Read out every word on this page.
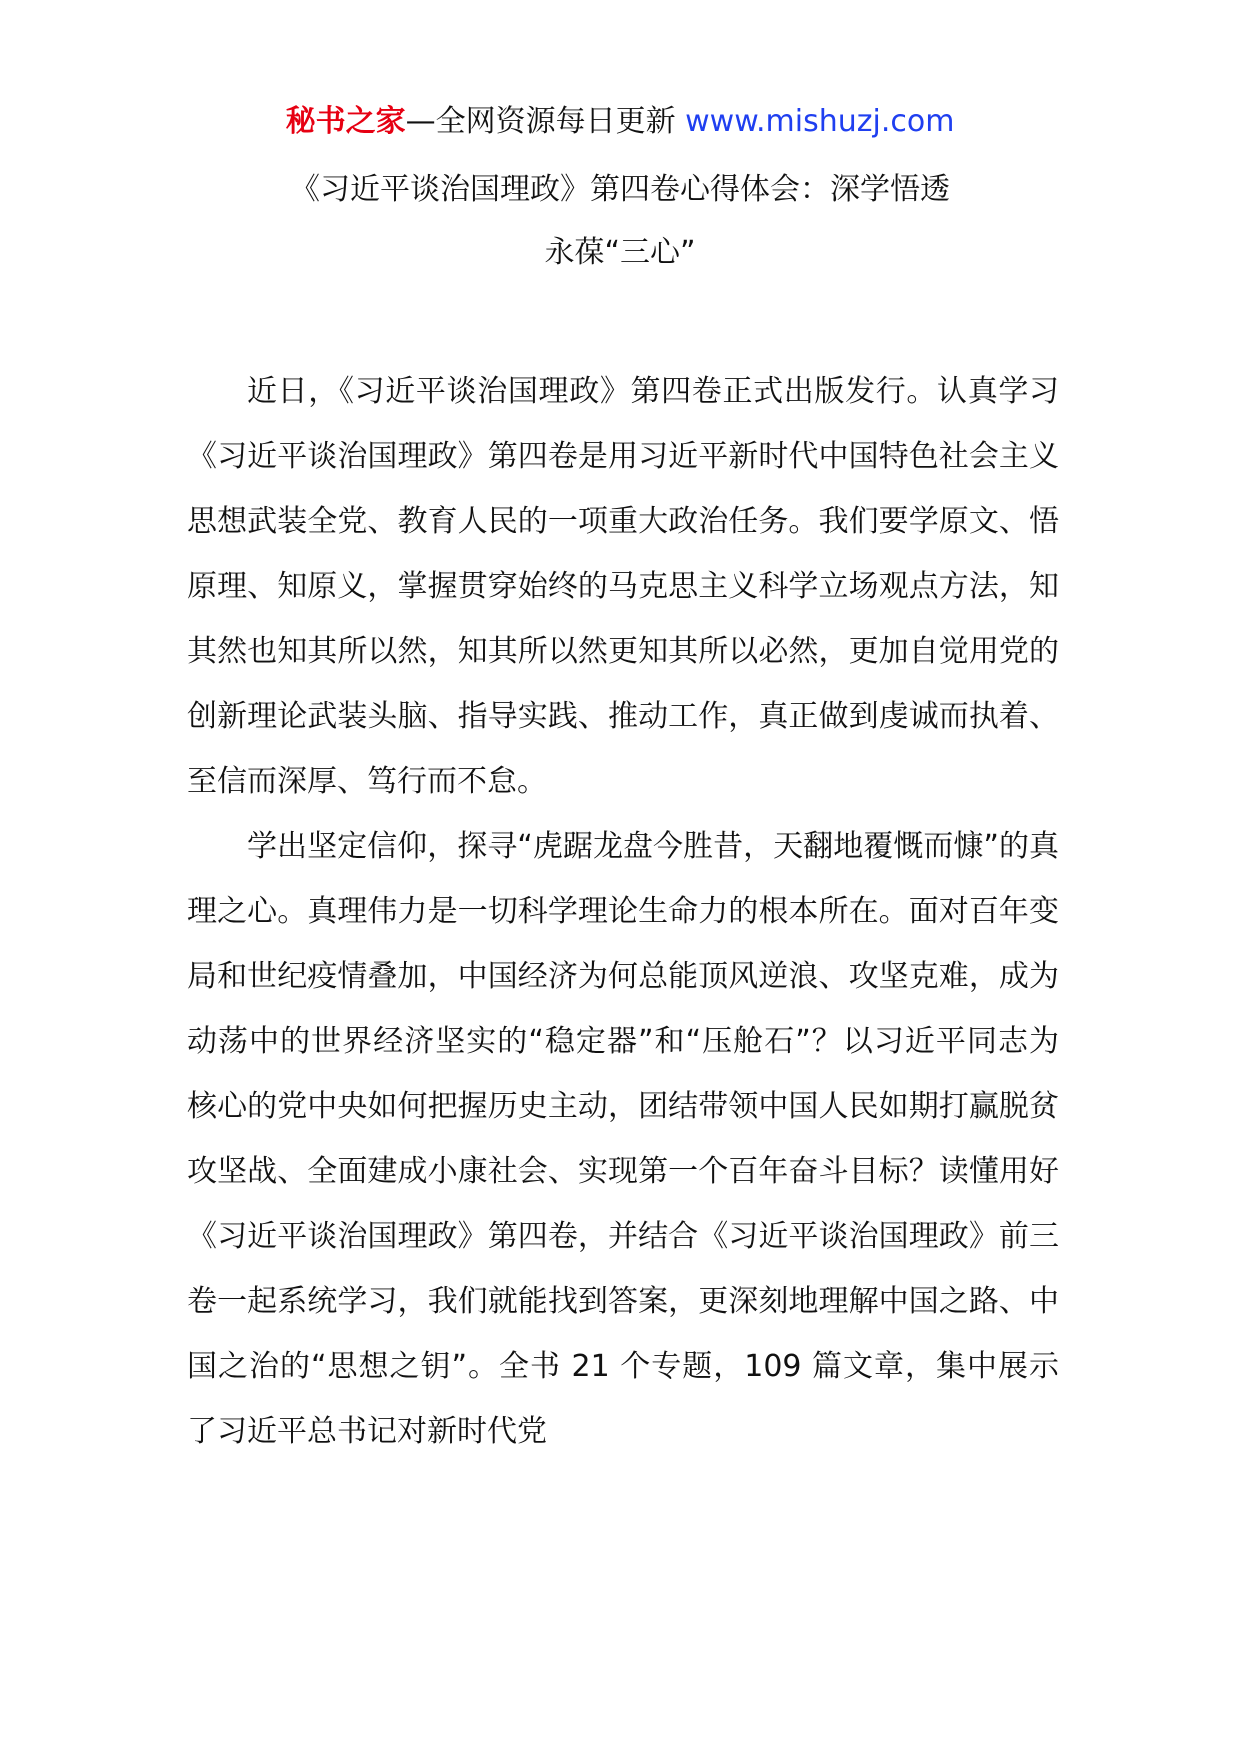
秘书之家—全网资源每日更新 www.mishuzj.com
《习近平谈治国理政》第四卷心得体会：深学悟透
永葆“三心”

近日，《习近平谈治国理政》第四卷正式出版发行。认真学习《习近平谈治国理政》第四卷是用习近平新时代中国特色社会主义思想武装全党、教育人民的一项重大政治任务。我们要学原文、悟原理、知原义，掌握贯穿始终的马克思主义科学立场观点方法，知其然也知其所以然，知其所以然更知其所以必然，更加自觉用党的创新理论武装头脑、指导实践、推动工作，真正做到虔诚而执着、至信而深厚、笃行而不怠。

学出坚定信仰，探寻“虎踞龙盘今胜昔，天翻地覆慨而慷”的真理之心。真理伟力是一切科学理论生命力的根本所在。面对百年变局和世纪疫情叠加，中国经济为何总能顶风逆浪、攻坚克难，成为动荡中的世界经济坚实的“稳定器”和“压舱石”？以习近平同志为核心的党中央如何把握历史主动，团结带领中国人民如期打赢脱贫攻坚战、全面建成小康社会、实现第一个百年奋斗目标？读懂用好《习近平谈治国理政》第四卷，并结合《习近平谈治国理政》前三卷一起系统学习，我们就能找到答案，更深刻地理解中国之路、中国之治的“思想之钥”。全书 21 个专题，109 篇文章，集中展示了习近平总书记对新时代党
